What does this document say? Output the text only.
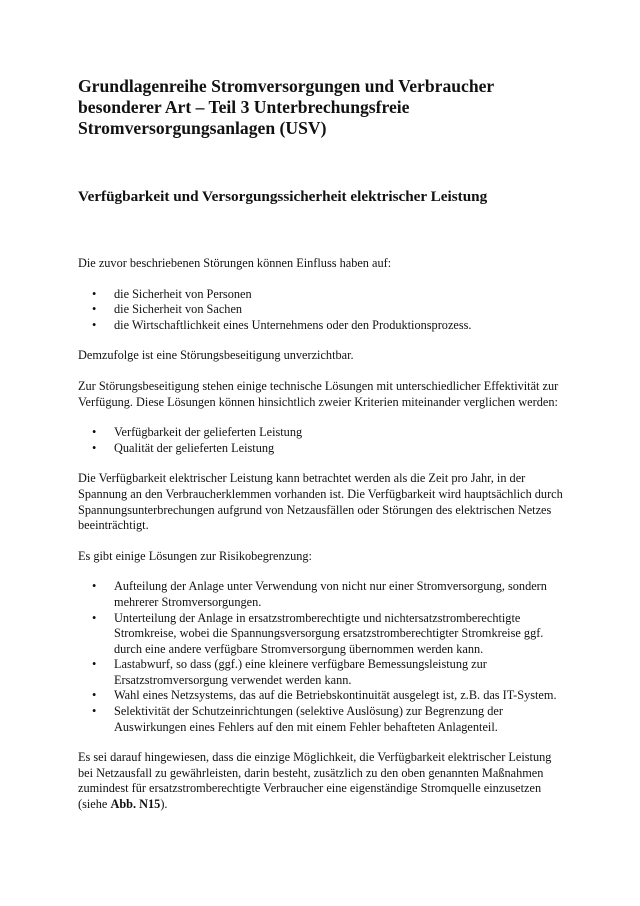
Grundlagenreihe Stromversorgungen und Verbraucher besonderer Art – Teil 3 Unterbrechungsfreie Stromversorgungsanlagen (USV)
Verfügbarkeit und Versorgungssicherheit elektrischer Leistung

Die zuvor beschriebenen Störungen können Einfluss haben auf:

• die Sicherheit von Personen
• die Sicherheit von Sachen
• die Wirtschaftlichkeit eines Unternehmens oder den Produktionsprozess.

Demzufolge ist eine Störungsbeseitigung unverzichtbar.

Zur Störungsbeseitigung stehen einige technische Lösungen mit unterschiedlicher Effektivität zur Verfügung. Diese Lösungen können hinsichtlich zweier Kriterien miteinander verglichen werden:

• Verfügbarkeit der gelieferten Leistung
• Qualität der gelieferten Leistung

Die Verfügbarkeit elektrischer Leistung kann betrachtet werden als die Zeit pro Jahr, in der Spannung an den Verbraucherklemmen vorhanden ist. Die Verfügbarkeit wird hauptsächlich durch Spannungsunterbrechungen aufgrund von Netzausfällen oder Störungen des elektrischen Netzes beeinträchtigt.

Es gibt einige Lösungen zur Risikobegrenzung:

• Aufteilung der Anlage unter Verwendung von nicht nur einer Stromversorgung, sondern mehrerer Stromversorgungen.
• Unterteilung der Anlage in ersatzstromberechtigte und nichtersatzstromberechtigte Stromkreise, wobei die Spannungsversorgung ersatzstromberechtigter Stromkreise ggf. durch eine andere verfügbare Stromversorgung übernommen werden kann.
• Lastabwurf, so dass (ggf.) eine kleinere verfügbare Bemessungsleistung zur Ersatzstromversorgung verwendet werden kann.
• Wahl eines Netzsystems, das auf die Betriebskontinuität ausgelegt ist, z.B. das IT-System.
• Selektivität der Schutzeinrichtungen (selektive Auslösung) zur Begrenzung der Auswirkungen eines Fehlers auf den mit einem Fehler behafteten Anlagenteil.

Es sei darauf hingewiesen, dass die einzige Möglichkeit, die Verfügbarkeit elektrischer Leistung bei Netzausfall zu gewährleisten, darin besteht, zusätzlich zu den oben genannten Maßnahmen zumindest für ersatzstromberechtigte Verbraucher eine eigenständige Stromquelle einzusetzen (siehe Abb. N15).
